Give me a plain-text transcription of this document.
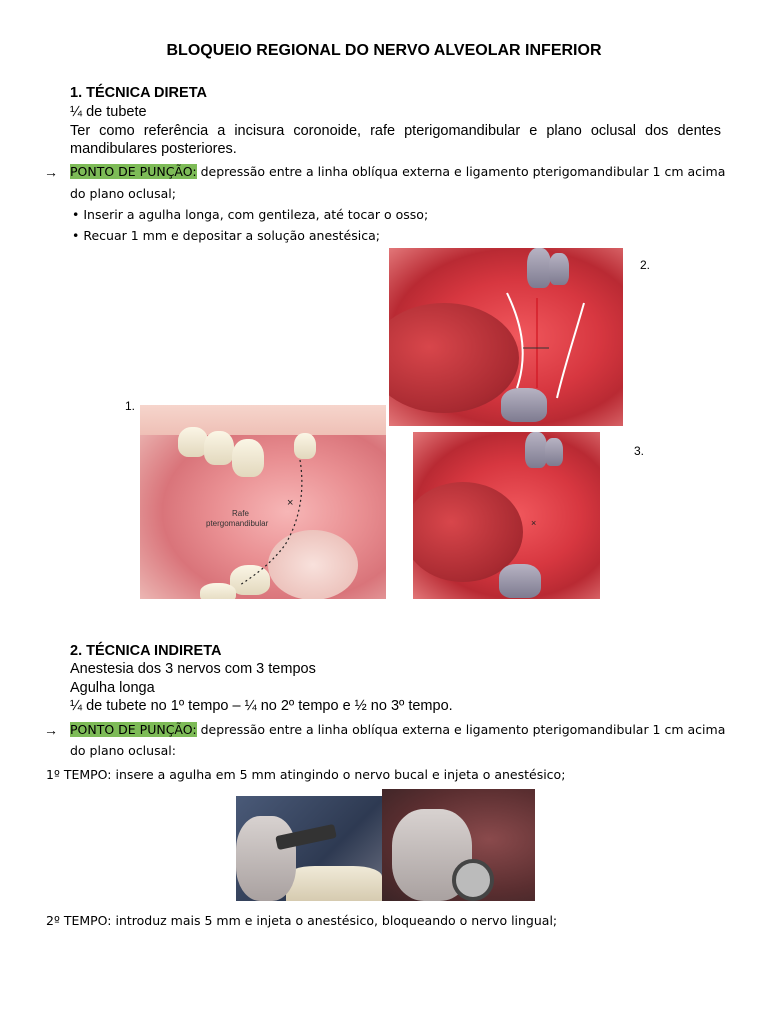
BLOQUEIO REGIONAL DO NERVO ALVEOLAR INFERIOR
1. TÉCNICA DIRETA
¼ de tubete
Ter como referência a incisura coronoide, rafe pterigomandibular e plano oclusal dos dentes mandibulares posteriores.
→ PONTO DE PUNÇÃO: depressão entre a linha oblíqua externa e ligamento pterigomandibular 1 cm acima
do plano oclusal;
• Inserir a agulha longa, com gentileza, até tocar o osso;
• Recuar 1 mm e depositar a solução anestésica;
2.
1.
×
Rafe
ptergomandibular	×
3.
2. TÉCNICA INDIRETA
Anestesia dos 3 nervos com 3 tempos
Agulha longa
¼ de tubete no 1º tempo – ¼ no 2º tempo e ½ no 3º tempo.
→ PONTO DE PUNÇÃO: depressão entre a linha oblíqua externa e ligamento pterigomandibular 1 cm acima
do plano oclusal:
1º TEMPO: insere a agulha em 5 mm atingindo o nervo bucal e injeta o anestésico;
2º TEMPO: introduz mais 5 mm e injeta o anestésico, bloqueando o nervo lingual;
